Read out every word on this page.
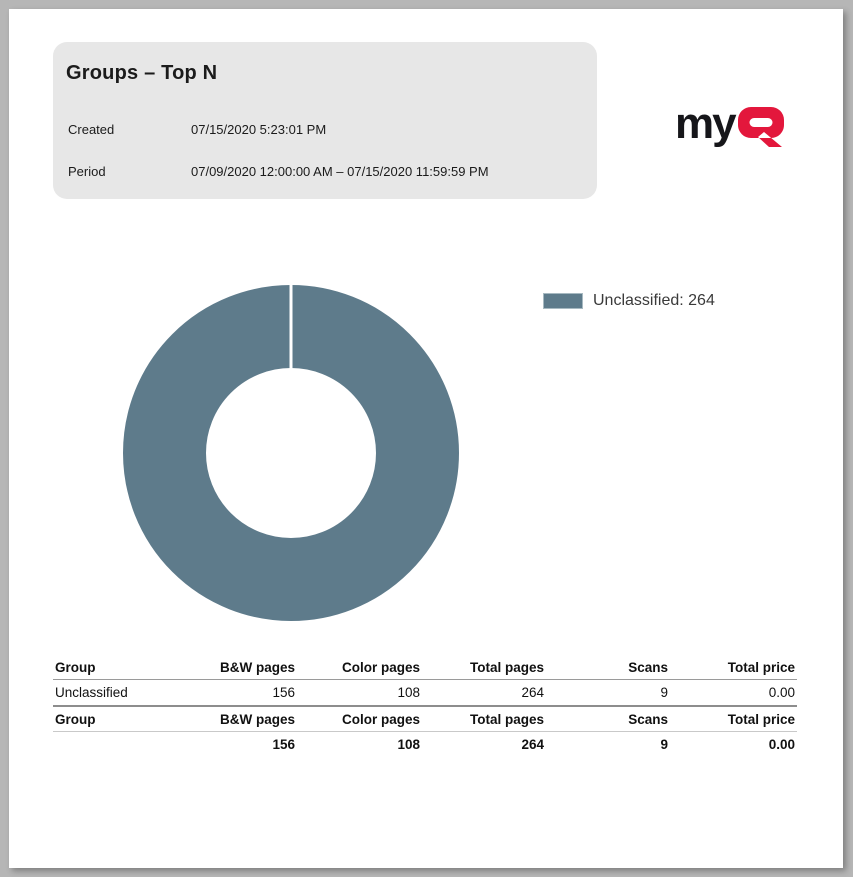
Groups – Top N
Created	07/15/2020 5:23:01 PM
Period	07/09/2020 12:00:00 AM – 07/15/2020 11:59:59 PM
my
Unclassified: 264
Group	B&W pages	Color pages	Total pages	Scans	Total price
Unclassified	156	108	264	9	0.00
Group	B&W pages	Color pages	Total pages	Scans	Total price
	156	108	264	9	0.00
